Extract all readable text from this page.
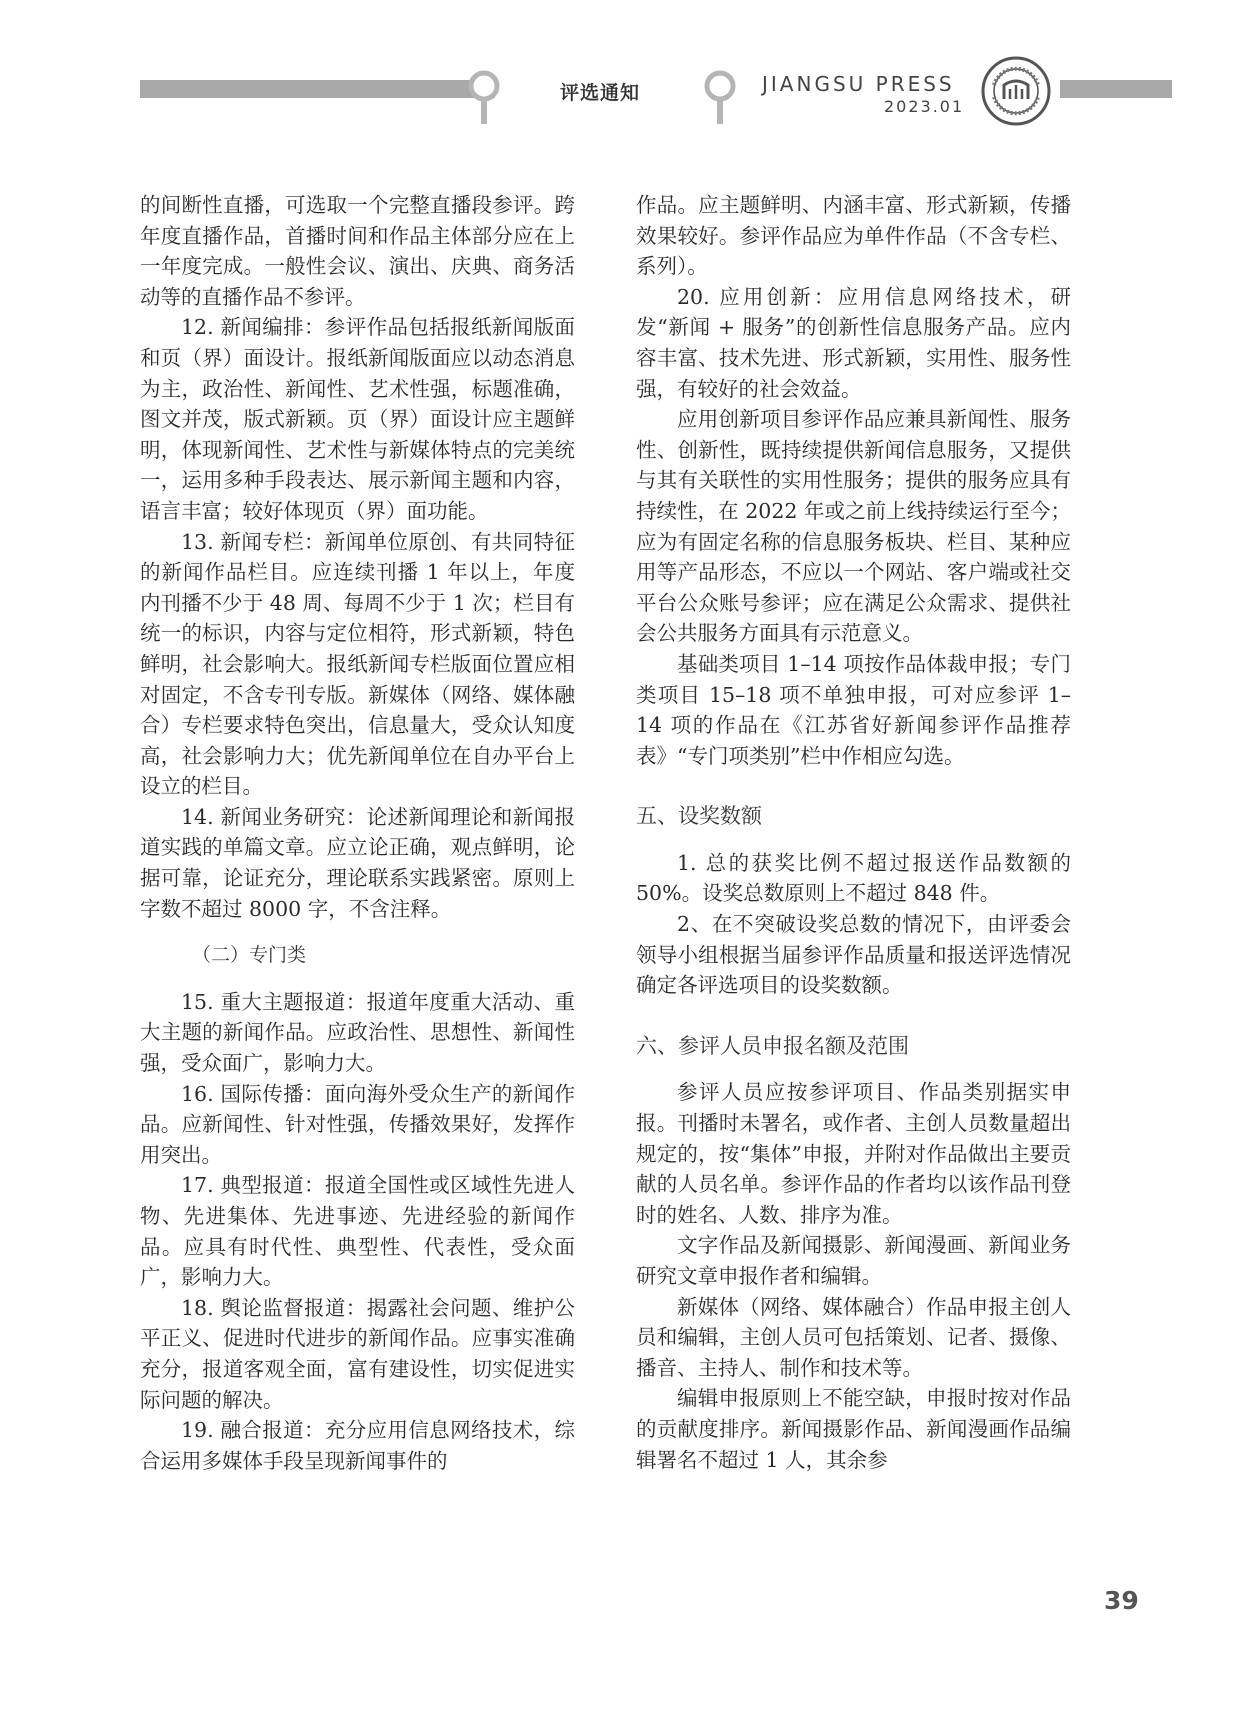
评选通知	JIANGSU PRESS
2023.01

的间断性直播，可选取一个完整直播段参评。跨年度直播作品，首播时间和作品主体部分应在上一年度完成。一般性会议、演出、庆典、商务活动等的直播作品不参评。

12. 新闻编排：参评作品包括报纸新闻版面和页（界）面设计。报纸新闻版面应以动态消息为主，政治性、新闻性、艺术性强，标题准确，图文并茂，版式新颖。页（界）面设计应主题鲜明，体现新闻性、艺术性与新媒体特点的完美统一，运用多种手段表达、展示新闻主题和内容，语言丰富；较好体现页（界）面功能。

13. 新闻专栏：新闻单位原创、有共同特征的新闻作品栏目。应连续刊播 1 年以上，年度内刊播不少于 48 周、每周不少于 1 次；栏目有统一的标识，内容与定位相符，形式新颖，特色鲜明，社会影响大。报纸新闻专栏版面位置应相对固定，不含专刊专版。新媒体（网络、媒体融合）专栏要求特色突出，信息量大，受众认知度高，社会影响力大；优先新闻单位在自办平台上设立的栏目。

14. 新闻业务研究：论述新闻理论和新闻报道实践的单篇文章。应立论正确，观点鲜明，论据可靠，论证充分，理论联系实践紧密。原则上字数不超过 8000 字，不含注释。

（二）专门类

15. 重大主题报道：报道年度重大活动、重大主题的新闻作品。应政治性、思想性、新闻性强，受众面广，影响力大。

16. 国际传播：面向海外受众生产的新闻作品。应新闻性、针对性强，传播效果好，发挥作用突出。

17. 典型报道：报道全国性或区域性先进人物、先进集体、先进事迹、先进经验的新闻作品。应具有时代性、典型性、代表性，受众面广，影响力大。

18. 舆论监督报道：揭露社会问题、维护公平正义、促进时代进步的新闻作品。应事实准确充分，报道客观全面，富有建设性，切实促进实际问题的解决。

19. 融合报道：充分应用信息网络技术，综合运用多媒体手段呈现新闻事件的

作品。应主题鲜明、内涵丰富、形式新颖，传播效果较好。参评作品应为单件作品（不含专栏、系列）。

20. 应用创新：应用信息网络技术，研发“新闻 + 服务”的创新性信息服务产品。应内容丰富、技术先进、形式新颖，实用性、服务性强，有较好的社会效益。

应用创新项目参评作品应兼具新闻性、服务性、创新性，既持续提供新闻信息服务，又提供与其有关联性的实用性服务；提供的服务应具有持续性，在 2022 年或之前上线持续运行至今；应为有固定名称的信息服务板块、栏目、某种应用等产品形态，不应以一个网站、客户端或社交平台公众账号参评；应在满足公众需求、提供社会公共服务方面具有示范意义。

基础类项目 1–14 项按作品体裁申报；专门类项目 15–18 项不单独申报，可对应参评 1–14 项的作品在《江苏省好新闻参评作品推荐表》“专门项类别”栏中作相应勾选。

五、设奖数额

1. 总的获奖比例不超过报送作品数额的 50%。设奖总数原则上不超过 848 件。

2、在不突破设奖总数的情况下，由评委会领导小组根据当届参评作品质量和报送评选情况确定各评选项目的设奖数额。

六、参评人员申报名额及范围

参评人员应按参评项目、作品类别据实申报。刊播时未署名，或作者、主创人员数量超出规定的，按“集体”申报，并附对作品做出主要贡献的人员名单。参评作品的作者均以该作品刊登时的姓名、人数、排序为准。

文字作品及新闻摄影、新闻漫画、新闻业务研究文章申报作者和编辑。

新媒体（网络、媒体融合）作品申报主创人员和编辑，主创人员可包括策划、记者、摄像、播音、主持人、制作和技术等。

编辑申报原则上不能空缺，申报时按对作品的贡献度排序。新闻摄影作品、新闻漫画作品编辑署名不超过 1 人，其余参

39
